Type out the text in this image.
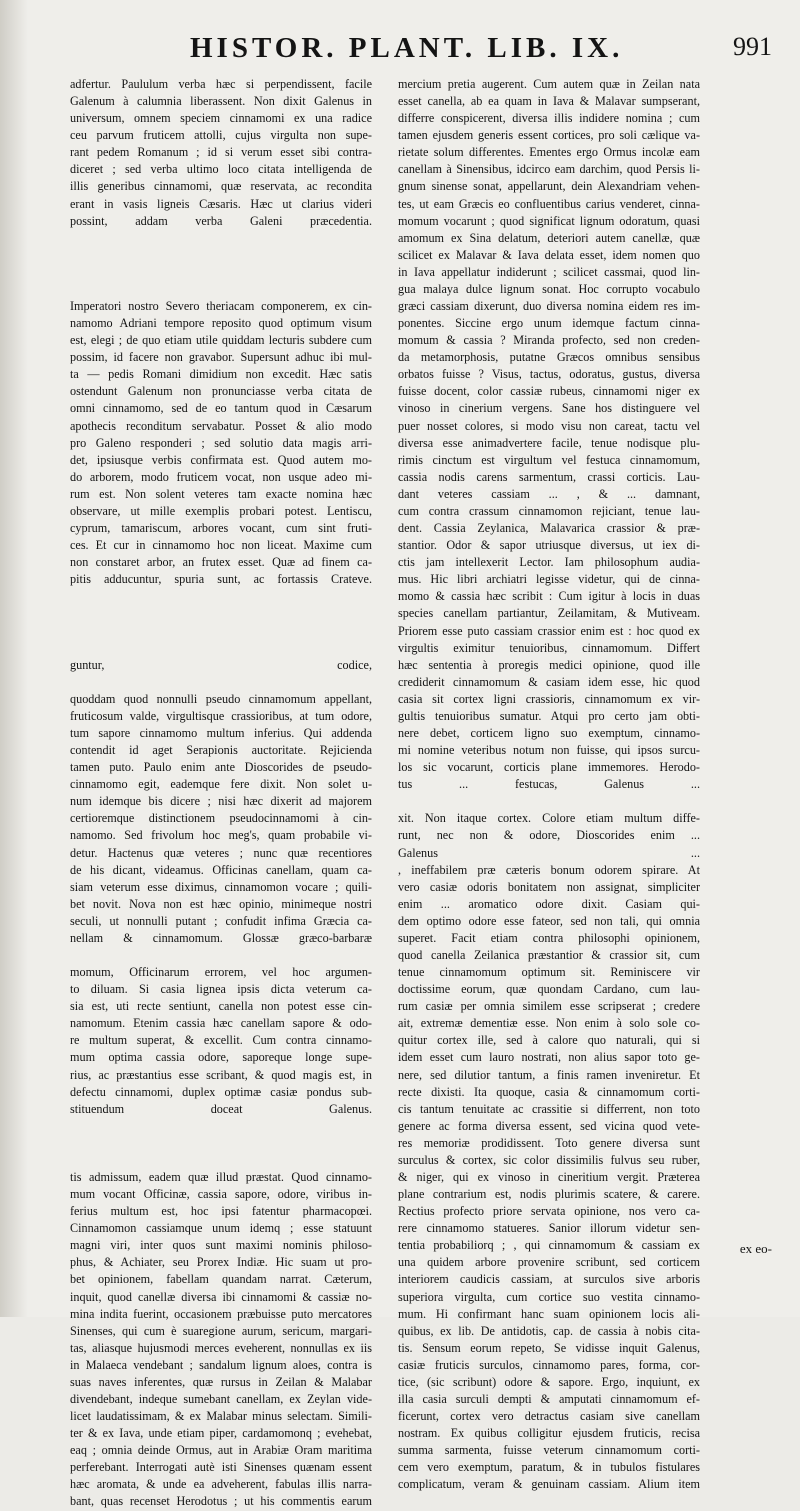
HISTOR. PLANT. LIB. IX.	991
adfertur. Paululum verba hæc si perpendissent, facile
Galenum à calumnia liberassent. Non dixit Galenus in
universum, omnem speciem cinnamomi ex una radice
ceu parvum fruticem attolli, cujus virgulta non supe-
rant pedem Romanum ; id si verum esset sibi contra-
diceret ; sed verba ultimo loco citata intelligenda de
illis generibus cinnamomi, quæ reservata, ac recondita
erant in vasis ligneis Cæsaris. Hæc ut clarius videri
possint, addam verba Galeni præcedentia.
Imperatori nostro Severo theriacam componerem, ex cin-
namomo Adriani tempore reposito quod optimum visum
est, elegi ; de quo etiam utile quiddam lecturis subdere cum
possim, id facere non gravabor. Supersunt adhuc ibi mul-
ta — pedis Romani dimidium non excedit. Hæc satis
ostendunt Galenum non pronunciasse verba citata de
omni cinnamomo, sed de eo tantum quod in Cæsarum
apothecis reconditum servabatur. Posset & alio modo
pro Galeno responderi ; sed solutio data magis arri-
det, ipsiusque verbis confirmata est. Quod autem mo-
do arborem, modo fruticem vocat, non usque adeo mi-
rum est. Non solent veteres tam exacte nomina hæc
observare, ut mille exemplis probari potest. Lentiscu,
cyprum, tamariscum, arbores vocant, cum sint fruti-
ces. Et cur in cinnamomo hoc non liceat. Maxime cum
non constaret arbor, an frutex esset. Quæ ad finem ca-
pitis adducuntur, spuria sunt, ac fortassis Crateve.
guntur, codice,
quoddam quod nonnulli pseudo cinnamomum appellant,
fruticosum valde, virgultisque crassioribus, at tum odore,
tum sapore cinnamomo multum inferius. Qui addenda
contendit id aget Serapionis auctoritate. Rejicienda
tamen puto. Paulo enim ante Dioscorides de pseudo-
cinnamomo egit, eademque fere dixit. Non solet u-
num idemque bis dicere ; nisi hæc dixerit ad majorem
certioremque distinctionem pseudocinnamomi à cin-
namomo. Sed frivolum hoc meg's, quam probabile vi-
detur. Hactenus quæ veteres ; nunc quæ recentiores
de his dicant, videamus. Officinas canellam, quam ca-
siam veterum esse diximus, cinnamomon vocare ; quili-
bet novit. Nova non est hæc opinio, minimeque nostri
seculi, ut nonnulli putant ; confudit infima Græcia ca-
nellam & cinnamomum. Glossæ græco-barbaræ
momum, Officinarum errorem, vel hoc argumen-
to diluam. Si casia lignea ipsis dicta veterum ca-
sia est, uti recte sentiunt, canella non potest esse cin-
namomum. Etenim cassia hæc canellam sapore & odo-
re multum superat, & excellit. Cum contra cinnamo-
mum optima cassia odore, saporeque longe supe-
rius, ac præstantius esse scribant, & quod magis est, in
defectu cinnamomi, duplex optimæ casiæ pondus sub-
stituendum doceat Galenus.
tis admissum, eadem quæ illud præstat. Quod cinnamo-
mum vocant Officinæ, cassia sapore, odore, viribus in-
ferius multum est, hoc ipsi fatentur pharmacopœi.
Cinnamomon cassiamque unum idemq ; esse statuunt
magni viri, inter quos sunt maximi nominis philoso-
phus, & Achiater, seu Prorex Indiæ. Hic suam ut pro-
bet opinionem, fabellam quandam narrat. Cæterum,
inquit, quod canellæ diversa ibi cinnamomi & cassiæ no-
mina indita fuerint, occasionem præbuisse puto mercatores
Sinenses, qui cum è suaregione aurum, sericum, margari-
tas, aliasque hujusmodi merces eveherent, nonnullas ex iis
in Malaeca vendebant ; sandalum lignum aloes, contra is
suas naves inferentes, quæ rursus in Zeilan & Malabar
divendebant, indeque sumebant canellam, ex Zeylan vide-
licet laudatissimam, & ex Malabar minus selectam. Simili-
ter & ex Iava, unde etiam piper, cardamomonq ; evehebat,
eaq ; omnia deinde Ormus, aut in Arabiæ Oram maritima
perferebant. Interrogati autè isti Sinenses quænam essent
hæc aromata, & unde ea adveherent, fabulas illis narra-
bant, quas recenset Herodotus ; ut his commentis earum
mercium pretia augerent. Cum autem quæ in Zeilan nata
esset canella, ab ea quam in Iava & Malavar sumpserant,
differre conspicerent, diversa illis indidere nomina ; cum
tamen ejusdem generis essent cortices, pro soli cælique va-
rietate solum differentes. Ementes ergo Ormus incolæ eam
canellam à Sinensibus, idcirco eam darchim, quod Persis li-
gnum sinense sonat, appellarunt, dein Alexandriam vehen-
tes, ut eam Græcis eo confluentibus carius venderet, cinna-
momum vocarunt ; quod significat lignum odoratum, quasi
amomum ex Sina delatum, deteriori autem canellæ, quæ
scilicet ex Malavar & Iava delata esset, idem nomen quo
in Iava appellatur indiderunt ; scilicet cassmai, quod lin-
gua malaya dulce lignum sonat. Hoc corrupto vocabulo
græci cassiam dixerunt, duo diversa nomina eidem res im-
ponentes. Siccine ergo unum idemque factum cinna-
momum & cassia ? Miranda profecto, sed non creden-
da metamorphosis, putatne Græcos omnibus sensibus
orbatos fuisse ? Visus, tactus, odoratus, gustus, diversa
fuisse docent, color cassiæ rubeus, cinnamomi niger ex
vinoso in cinerium vergens. Sane hos distinguere vel
puer nosset colores, si modo visu non careat, tactu vel
diversa esse animadvertere facile, tenue nodisque plu-
rimis cinctum est virgultum vel festuca cinnamomum,
cassia nodis carens sarmentum, crassi corticis. Lau-
dant veteres cassiam ... , & ... damnant,
cum contra crassum cinnamomon rejiciant, tenue lau-
dent. Cassia Zeylanica, Malavarica crassior & præ-
stantior. Odor & sapor utriusque diversus, ut iex di-
ctis jam intellexerit Lector. Iam philosophum audia-
mus. Hic libri archiatri legisse videtur, qui de cinna-
momo & cassia hæc scribit : Cum igitur à locis in duas
species canellam partiantur, Zeilamitam, & Mutiveam.
Priorem esse puto cassiam crassior enim est : hoc quod ex
virgultis eximitur tenuioribus, cinnamomum. Differt
hæc sententia à proregis medici opinione, quod ille
crediderit cinnamomum & casiam idem esse, hic quod
casia sit cortex ligni crassioris, cinnamomum ex vir-
gultis tenuioribus sumatur. Atqui pro certo jam obti-
nere debet, corticem ligno suo exemptum, cinnamo-
mi nomine veteribus notum non fuisse, qui ipsos surcu-
los sic vocarunt, corticis plane immemores. Herodo-
tus ... festucas, Galenus ...
xit. Non itaque cortex. Colore etiam multum diffe-
runt, nec non & odore, Dioscorides enim ...
Galenus ...
, ineffabilem præ cæteris bonum odorem spirare. At
vero casiæ odoris bonitatem non assignat, simpliciter
enim ... aromatico odore dixit. Casiam qui-
dem optimo odore esse fateor, sed non tali, qui omnia
superet. Facit etiam contra philosophi opinionem,
quod canella Zeilanica præstantior & crassior sit, cum
tenue cinnamomum optimum sit. Reminiscere vir
doctissime eorum, quæ quondam Cardano, cum lau-
rum casiæ per omnia similem esse scripserat ; credere
ait, extremæ dementiæ esse. Non enim à solo sole co-
quitur cortex ille, sed à calore quo naturali, qui si
idem esset cum lauro nostrati, non alius sapor toto ge-
nere, sed dilutior tantum, a finis ramen inveniretur. Et
recte dixisti. Ita quoque, casia & cinnamomum corti-
cis tantum tenuitate ac crassitie si differrent, non toto
genere ac forma diversa essent, sed vicina quod vete-
res memoriæ prodidissent. Toto genere diversa sunt
surculus & cortex, sic color dissimilis fulvus seu ruber,
& niger, qui ex vinoso in cineritium vergit. Præterea
plane contrarium est, nodis plurimis scatere, & carere.
Rectius profecto priore servata opinione, nos vero ca-
rere cinnamomo statueres. Sanior illorum videtur sen-
tentia probabiliorq ; , qui cinnamomum & cassiam ex
una quidem arbore provenire scribunt, sed corticem
interiorem caudicis cassiam, at surculos sive arboris
superiora virgulta, cum cortice suo vestita cinnamo-
mum. Hi confirmant hanc suam opinionem locis ali-
quibus, ex lib. De antidotis, cap. de cassia à nobis cita-
tis. Sensum eorum repeto, Se vidisse inquit Galenus,
casiæ fruticis surculos, cinnamomo pares, forma, cor-
tice, (sic scribunt) odore & sapore. Ergo, inquiunt, ex
illa casia surculi dempti & amputati cinnamomum ef-
ficerunt, cortex vero detractus casiam sive canellam
nostram. Ex quibus colligitur ejusdem fruticis, recisa
summa sarmenta, fuisse veterum cinnamomum corti-
cem vero exemptum, paratum, & in tubulos fistulares
complicatum, veram & genuinam cassiam. Alium item
ex eo-
